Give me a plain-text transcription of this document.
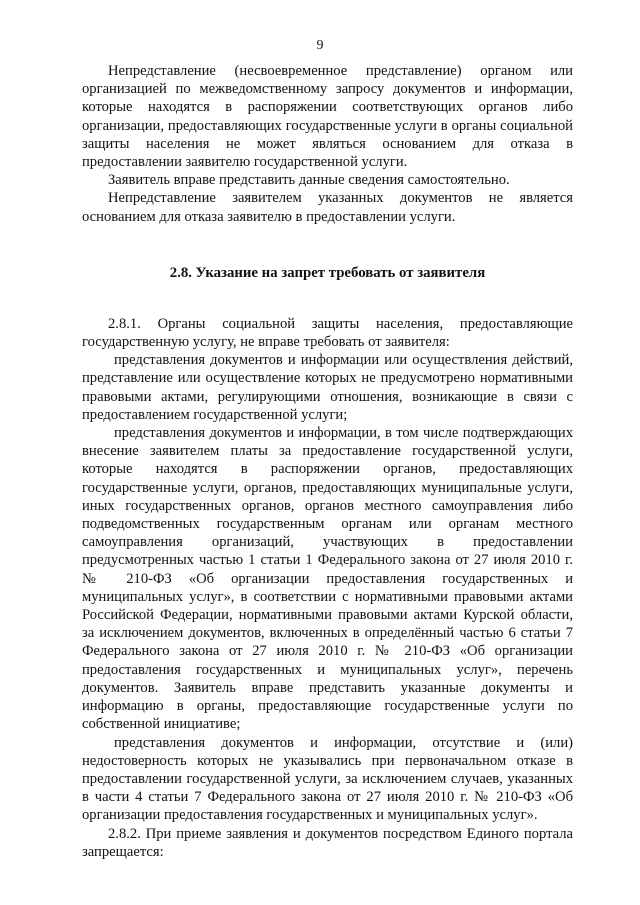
9

Непредставление (несвоевременное представление) органом или организацией по межведомственному запросу документов и информации, которые находятся в распоряжении соответствующих органов либо организации, предоставляющих государственные услуги в органы социальной защиты населения не может являться основанием для отказа в предоставлении заявителю государственной услуги.

Заявитель вправе представить данные сведения самостоятельно.

Непредставление заявителем указанных документов не является основанием для отказа заявителю в предоставлении услуги.

2.8. Указание на запрет требовать от заявителя

2.8.1. Органы социальной защиты населения, предоставляющие государственную услугу, не вправе требовать от заявителя:

представления документов и информации или осуществления действий, представление или осуществление которых не предусмотрено нормативными правовыми актами, регулирующими отношения, возникающие в связи с предоставлением государственной услуги;

представления документов и информации, в том числе подтверждающих внесение заявителем платы за предоставление государственной услуги, которые находятся в распоряжении органов, предоставляющих государственные услуги, органов, предоставляющих муниципальные услуги, иных государственных органов, органов местного самоуправления либо подведомственных государственным органам или органам местного самоуправления организаций, участвующих в предоставлении предусмотренных частью 1 статьи 1 Федерального закона от 27 июля 2010 г. № 210-ФЗ «Об организации предоставления государственных и муниципальных услуг», в соответствии с нормативными правовыми актами Российской Федерации, нормативными правовыми актами Курской области, за исключением документов, включенных в определённый частью 6 статьи 7 Федерального закона от 27 июля 2010 г. № 210-ФЗ «Об организации предоставления государственных и муниципальных услуг», перечень документов. Заявитель вправе представить указанные документы и информацию в органы, предоставляющие государственные услуги по собственной инициативе;

представления документов и информации, отсутствие и (или) недостоверность которых не указывались при первоначальном отказе в предоставлении государственной услуги, за исключением случаев, указанных в части 4 статьи 7 Федерального закона от 27 июля 2010 г. № 210-ФЗ «Об организации предоставления государственных и муниципальных услуг».

2.8.2. При приеме заявления и документов посредством Единого портала запрещается:
